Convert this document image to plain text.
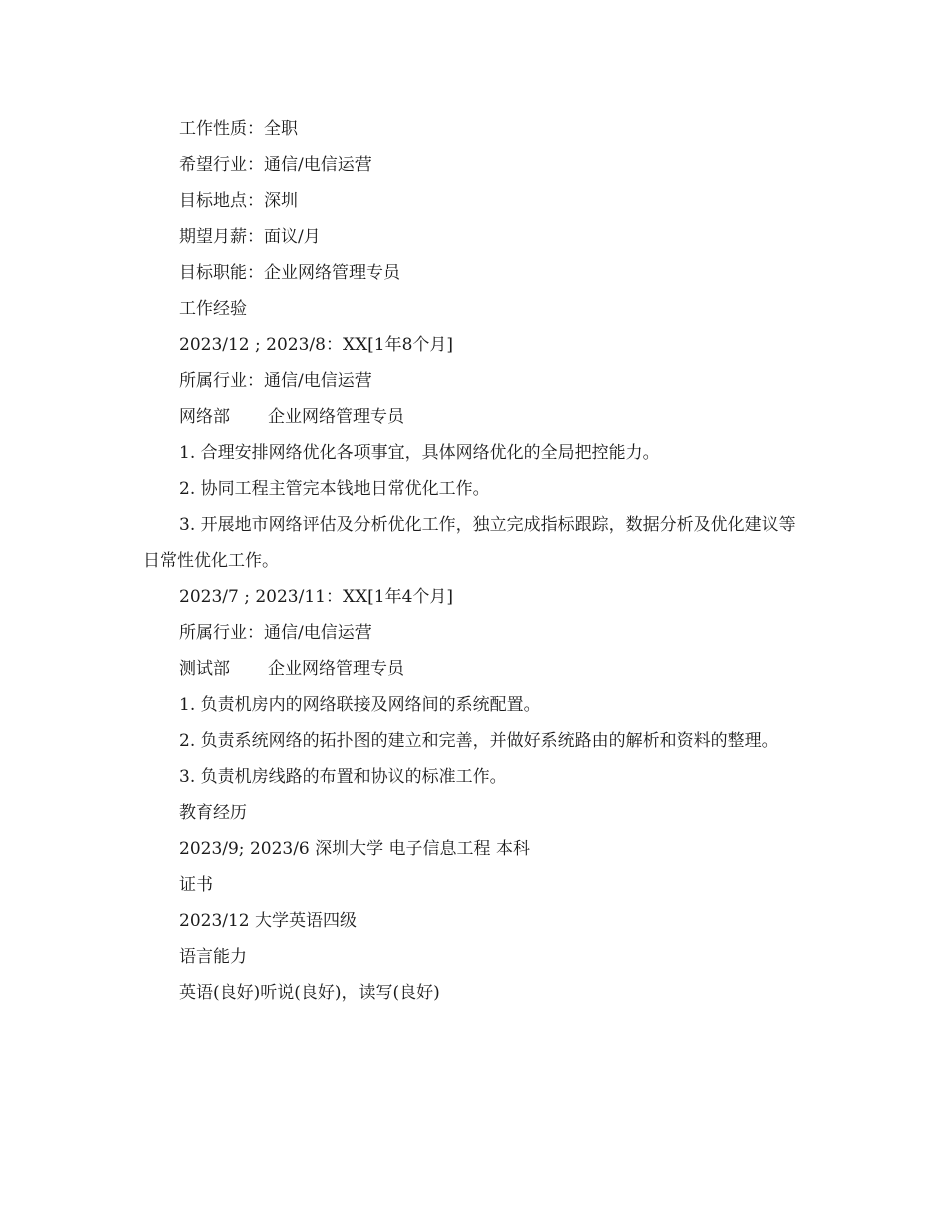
工作性质：全职
希望行业：通信/电信运营
目标地点：深圳
期望月薪：面议/月
目标职能：企业网络管理专员
工作经验
2023/12 ; 2023/8：XX[1年8个月]
所属行业：通信/电信运营
网络部 企业网络管理专员
1. 合理安排网络优化各项事宜，具体网络优化的全局把控能力。
2. 协同工程主管完本钱地日常优化工作。
3. 开展地市网络评估及分析优化工作，独立完成指标跟踪，数据分析及优化建议等日常性优化工作。
2023/7 ; 2023/11：XX[1年4个月]
所属行业：通信/电信运营
测试部 企业网络管理专员
1. 负责机房内的网络联接及网络间的系统配置。
2. 负责系统网络的拓扑图的建立和完善，并做好系统路由的解析和资料的整理。
3. 负责机房线路的布置和协议的标准工作。
教育经历
2023/9; 2023/6 深圳大学 电子信息工程 本科
证书
2023/12 大学英语四级
语言能力
英语(良好)听说(良好)，读写(良好)
